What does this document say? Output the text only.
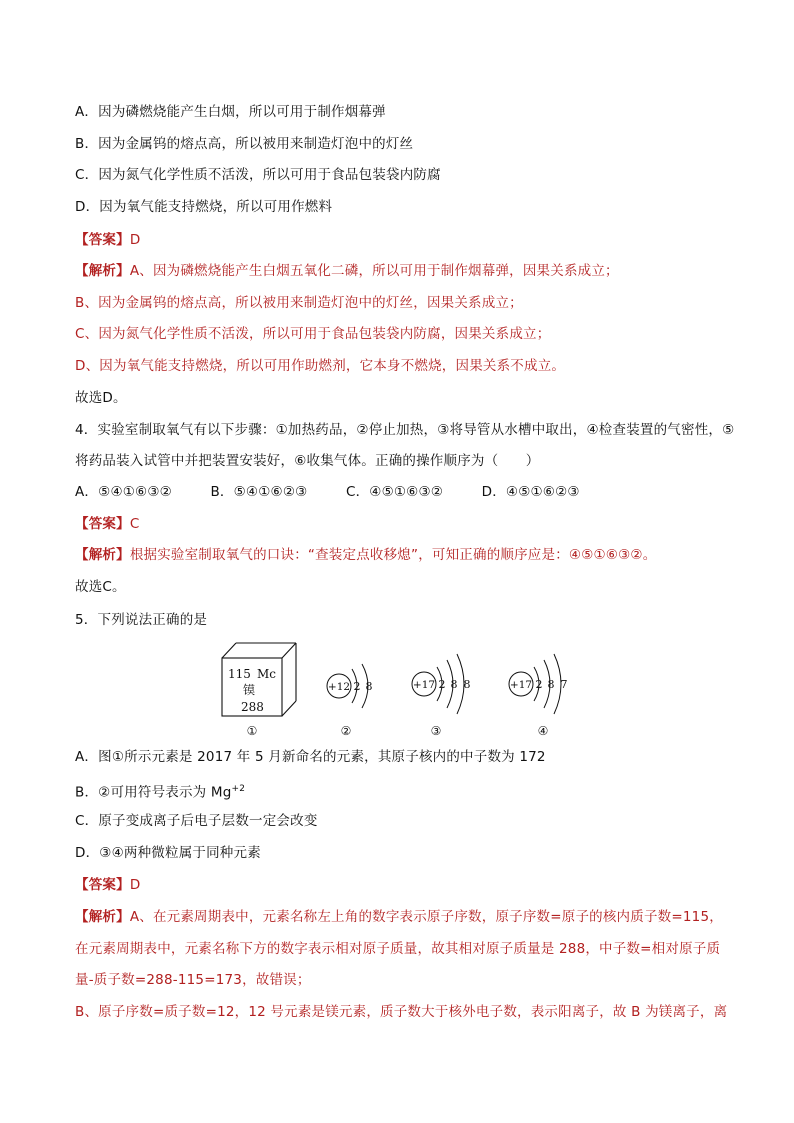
A．因为磷燃烧能产生白烟，所以可用于制作烟幕弹
B．因为金属钨的熔点高，所以被用来制造灯泡中的灯丝
C．因为氮气化学性质不活泼，所以可用于食品包装袋内防腐
D．因为氧气能支持燃烧，所以可用作燃料
【答案】D
【解析】A、因为磷燃烧能产生白烟五氧化二磷，所以可用于制作烟幕弹，因果关系成立；
B、因为金属钨的熔点高，所以被用来制造灯泡中的灯丝，因果关系成立；
C、因为氮气化学性质不活泼，所以可用于食品包装袋内防腐，因果关系成立；
D、因为氧气能支持燃烧，所以可用作助燃剂，它本身不燃烧，因果关系不成立。
故选D。
4．实验室制取氧气有以下步骤：①加热药品，②停止加热，③将导管从水槽中取出，④检查装置的气密性，⑤
将药品装入试管中并把装置安装好，⑥收集气体。正确的操作顺序为（　　）
A．⑤④①⑥③②	B．⑤④①⑥②③	C．④⑤①⑥③②	D．④⑤①⑥②③
【答案】C
【解析】根据实验室制取氧气的口诀：“查装定点收移熄”，可知正确的顺序应是：④⑤①⑥③②。
故选C。
5．下列说法正确的是
115 Mc
镆
288
+12 2 8	+17 2 8 8	+17 2 8 7
①	②	③	④
A．图①所示元素是 2017 年 5 月新命名的元素，其原子核内的中子数为 172
B．②可用符号表示为 $Mg^{+2}$
C．原子变成离子后电子层数一定会改变
D．③④两种微粒属于同种元素
【答案】D
【解析】A、在元素周期表中，元素名称左上角的数字表示原子序数，原子序数=原子的核内质子数=115，
在元素周期表中，元素名称下方的数字表示相对原子质量，故其相对原子质量是 288，中子数=相对原子质
量-质子数=288-115=173，故错误；
B、原子序数=质子数=12，12 号元素是镁元素，质子数大于核外电子数，表示阳离子，故 B 为镁离子，离
